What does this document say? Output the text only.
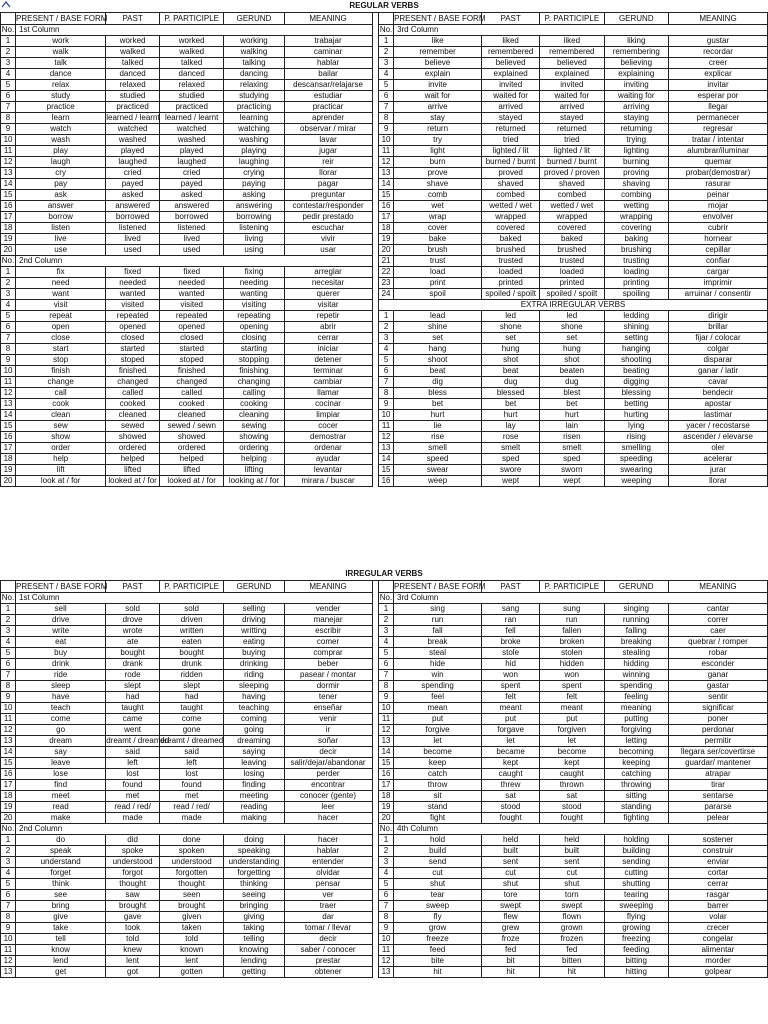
REGULAR VERBS												
	PRESENT / BASE FORM	PAST	P. PARTICIPLE	GERUND	MEANING			PRESENT / BASE FORM	PAST	P. PARTICIPLE	GERUND	MEANING
No.	1st Column						No.	3rd Column				
1	work	worked	worked	working	trabajar		1	like	liked	liked	liking	gustar
2	walk	walked	walked	walking	caminar		2	remember	remembered	remembered	remembering	recordar
3	talk	talked	talked	talking	hablar		3	believe	believed	believed	believing	creer
4	dance	danced	danced	dancing	bailar		4	explain	explained	explained	explaining	explicar
5	relax	relaxed	relaxed	relaxing	descansar/relajarse		5	invite	invited	invited	inviting	invitar
6	study	studied	studied	studying	estudiar		6	wait for	waited for	waited for	waiting for	esperar por
7	practice	practiced	practiced	practicing	practicar		7	arrive	arrived	arrived	arriving	llegar
8	learn	learned / learnt	learned / learnt	learning	aprender		8	stay	stayed	stayed	staying	permanecer
9	watch	watched	watched	watching	observar / mirar		9	return	returned	returned	returning	regresar
10	wash	washed	washed	washing	lavar		10	try	tried	tried	trying	tratar / intentar
11	play	played	played	playing	jugar		11	light	lighted / lit	lighted / lit	lighting	alumbrar/iluminar
12	laugh	laughed	laughed	laughing	reir		12	burn	burned / burnt	burned / burnt	burning	quemar
13	cry	cried	cried	crying	llorar		13	prove	proved	proved / proven	proving	probar(demostrar)
14	pay	payed	payed	paying	pagar		14	shave	shaved	shaved	shaving	rasurar
15	ask	asked	asked	asking	preguntar		15	comb	combed	combed	combing	peinar
16	answer	answered	answered	answering	contestar/responder		16	wet	wetted / wet	wetted / wet	wetting	mojar
17	borrow	borrowed	borrowed	borrowing	pedir prestado		17	wrap	wrapped	wrapped	wrapping	envolver
18	listen	listened	listened	listening	escuchar		18	cover	covered	covered	covering	cubrir
19	live	lived	lived	living	vivir		19	bake	baked	baked	baking	hornear
20	use	used	used	using	usar		20	brush	brushed	brushed	brushing	cepillar
No.	2nd Column						21	trust	trusted	trusted	trusting	confiar
1	fix	fixed	fixed	fixing	arreglar		22	load	loaded	loaded	loading	cargar
2	need	needed	needed	needing	necesitar		23	print	printed	printed	printing	imprimir
3	want	wanted	wanted	wanting	querer		24	spoil	spoiled / spoilt	spoiled / spoilt	spoiling	arruinar / consentir
4	visit	visited	visited	visiting	visitar		EXTRA IRREGULAR VERBS					
5	repeat	repeated	repeated	repeating	repetir		1	lead	led	led	ledding	dirigir
6	open	opened	opened	opening	abrir		2	shine	shone	shone	shining	brillar
7	close	closed	closed	closing	cerrar		3	set	set	set	setting	fijar / colocar
8	start	started	started	starting	iniciar		4	hang	hung	hung	hanging	colgar
9	stop	stoped	stoped	stopping	detener		5	shoot	shot	shot	shooting	disparar
10	finish	finished	finished	finishing	terminar		6	beat	beat	beaten	beating	ganar / latir
11	change	changed	changed	changing	cambiar		7	dig	dug	dug	digging	cavar
12	call	called	called	calling	llamar		8	bless	blessed	blest	blessing	bendecir
13	cook	cooked	cooked	cooking	cocinar		9	bet	bet	bet	betting	apostar
14	clean	cleaned	cleaned	cleaning	limpiar		10	hurt	hurt	hurt	hurting	lastimar
15	sew	sewed	sewed / sewn	sewing	cocer		11	lie	lay	lain	lying	yacer / recostarse
16	show	showed	showed	showing	demostrar		12	rise	rose	risen	rising	ascender / elevarse
17	order	ordered	ordered	ordering	ordenar		13	smell	smelt	smelt	smelling	oler
18	help	helped	helped	helping	ayudar		14	speed	sped	sped	speeding	acelerar
19	lift	lifted	lifted	lifting	levantar		15	swear	swore	sworn	swearing	jurar
20	look at / for	looked at / for	looked at / for	looking at / for	mirara / buscar		16	weep	wept	wept	weeping	llorar
IRREGULAR VERBS												
	PRESENT / BASE FORM	PAST	P. PARTICIPLE	GERUND	MEANING			PRESENT / BASE FORM	PAST	P. PARTICIPLE	GERUND	MEANING
No.	1st Column						No.	3rd Column				
1	sell	sold	sold	selling	vender		1	sing	sang	sung	singing	cantar
2	drive	drove	driven	driving	manejar		2	run	ran	run	running	correr
3	write	wrote	written	writting	escribir		3	fall	fell	fallen	falling	caer
4	eat	ate	eaten	eating	comer		4	break	broke	broken	breaking	quebrar / romper
5	buy	bought	bought	buying	comprar		5	steal	stole	stolen	stealing	robar
6	drink	drank	drunk	drinking	beber		6	hide	hid	hidden	hidding	esconder
7	ride	rode	ridden	riding	pasear / montar		7	win	won	won	winning	ganar
8	sleep	slept	slept	sleeping	dormir		8	spending	spent	spent	spending	gastar
9	have	had	had	having	tener		9	feel	felt	felt	feeling	sentir
10	teach	taught	taught	teaching	enseñar		10	mean	meant	meant	meaning	significar
11	come	came	come	coming	venir		11	put	put	put	putting	poner
12	go	went	gone	going	ir		12	forgive	forgave	forgiven	forgiving	perdonar
13	dream	dreamt / dreamed	dreamt / dreamed	dreaming	soñar		13	let	let	let	letting	permitir
14	say	said	said	saying	decir		14	become	became	become	becoming	llegara ser/covertirse
15	leave	left	left	leaving	salir/dejar/abandonar		15	keep	kept	kept	keeping	guardar/ mantener
16	lose	lost	lost	losing	perder		16	catch	caught	caught	catching	atrapar
17	find	found	found	finding	encontrar		17	throw	threw	thrown	throwing	tirar
18	meet	met	met	meeting	conocer (gente)		18	sit	sat	sat	sitting	sentarse
19	read	read / red/	read / red/	reading	leer		19	stand	stood	stood	standing	pararse
20	make	made	made	making	hacer		20	fight	fought	fought	fighting	pelear
No.	2nd Column						No.	4th Column				
1	do	did	done	doing	hacer		1	hold	held	held	holding	sostener
2	speak	spoke	spoken	speaking	hablar		2	build	built	built	building	construir
3	understand	understood	understood	understanding	entender		3	send	sent	sent	sending	enviar
4	forget	forgot	forgotten	forgetting	olvidar		4	cut	cut	cut	cutting	cortar
5	think	thought	thought	thinking	pensar		5	shut	shut	shut	shutting	cerrar
6	see	saw	seen	seeing	ver		6	tear	tore	torn	tearing	rasgar
7	bring	brought	brought	bringing	traer		7	sweep	swept	swept	sweeping	barrer
8	give	gave	given	giving	dar		8	fly	flew	flown	flying	volar
9	take	took	taken	taking	tomar / llevar		9	grow	grew	grown	growing	crecer
10	tell	told	told	telling	decir		10	freeze	froze	frozen	freezing	congelar
11	know	knew	known	knowing	saber / conocer		11	feed	fed	fed	feeding	alimentar
12	lend	lent	lent	lending	prestar		12	bite	bit	bitten	bitting	morder
13	get	got	gotten	getting	obtener		13	hit	hit	hit	hitting	golpear
